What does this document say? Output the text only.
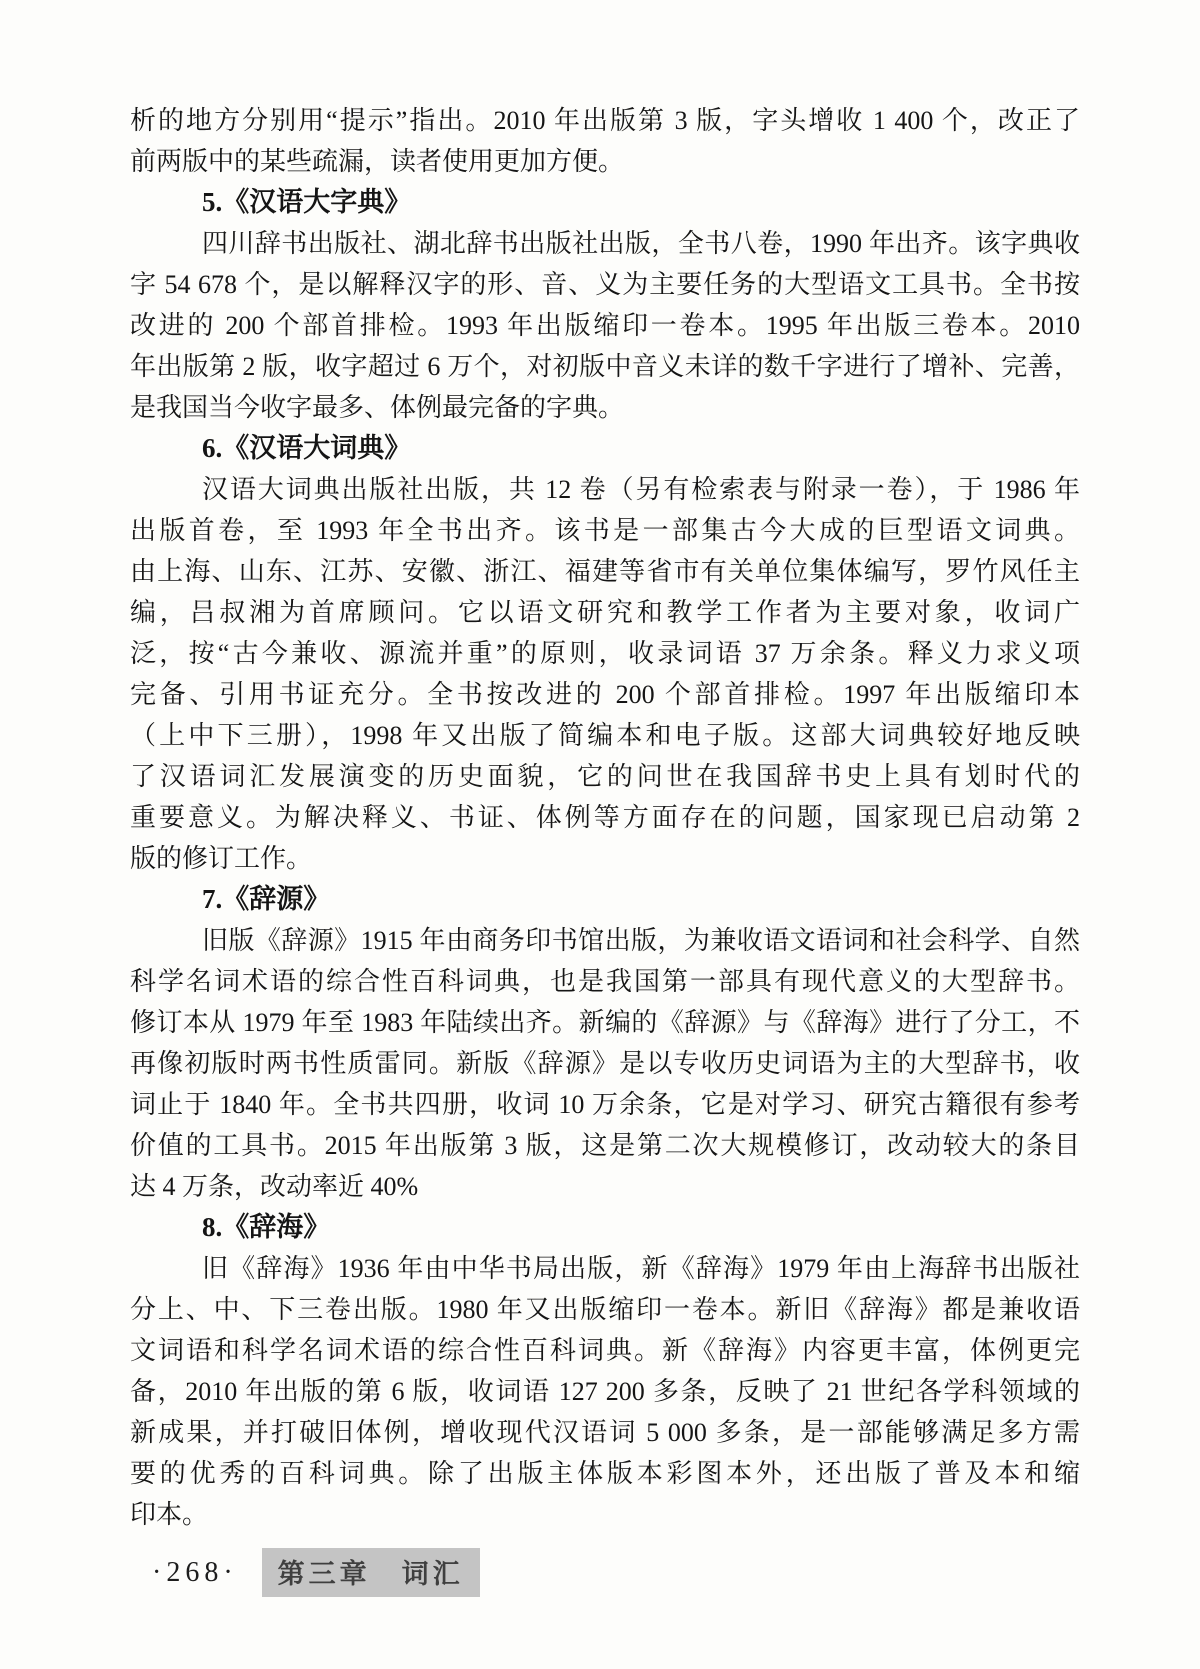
析的地方分别用“提示”指出。2010 年出版第 3 版，字头增收 1 400 个，改正了
前两版中的某些疏漏，读者使用更加方便。
5.《汉语大字典》
四川辞书出版社、湖北辞书出版社出版，全书八卷，1990 年出齐。该字典收
字 54 678 个，是以解释汉字的形、音、义为主要任务的大型语文工具书。全书按
改进的 200 个部首排检。1993 年出版缩印一卷本。1995 年出版三卷本。2010
年出版第 2 版，收字超过 6 万个，对初版中音义未详的数千字进行了增补、完善，
是我国当今收字最多、体例最完备的字典。
6.《汉语大词典》
汉语大词典出版社出版，共 12 卷（另有检索表与附录一卷），于 1986 年
出版首卷，至 1993 年全书出齐。该书是一部集古今大成的巨型语文词典。
由上海、山东、江苏、安徽、浙江、福建等省市有关单位集体编写，罗竹风任主
编，吕叔湘为首席顾问。它以语文研究和教学工作者为主要对象，收词广
泛，按“古今兼收、源流并重”的原则，收录词语 37 万余条。释义力求义项
完备、引用书证充分。全书按改进的 200 个部首排检。1997 年出版缩印本
（上中下三册），1998 年又出版了简编本和电子版。这部大词典较好地反映
了汉语词汇发展演变的历史面貌，它的问世在我国辞书史上具有划时代的
重要意义。为解决释义、书证、体例等方面存在的问题，国家现已启动第 2
版的修订工作。
7.《辞源》
旧版《辞源》1915 年由商务印书馆出版，为兼收语文语词和社会科学、自然
科学名词术语的综合性百科词典，也是我国第一部具有现代意义的大型辞书。
修订本从 1979 年至 1983 年陆续出齐。新编的《辞源》与《辞海》进行了分工，不
再像初版时两书性质雷同。新版《辞源》是以专收历史词语为主的大型辞书，收
词止于 1840 年。全书共四册，收词 10 万余条，它是对学习、研究古籍很有参考
价值的工具书。2015 年出版第 3 版，这是第二次大规模修订，改动较大的条目
达 4 万条，改动率近 40%
8.《辞海》
旧《辞海》1936 年由中华书局出版，新《辞海》1979 年由上海辞书出版社
分上、中、下三卷出版。1980 年又出版缩印一卷本。新旧《辞海》都是兼收语
文词语和科学名词术语的综合性百科词典。新《辞海》内容更丰富，体例更完
备，2010 年出版的第 6 版，收词语 127 200 多条，反映了 21 世纪各学科领域的
新成果，并打破旧体例，增收现代汉语词 5 000 多条，是一部能够满足多方需
要的优秀的百科词典。除了出版主体版本彩图本外，还出版了普及本和缩
印本。
·268·	第三章　词汇
